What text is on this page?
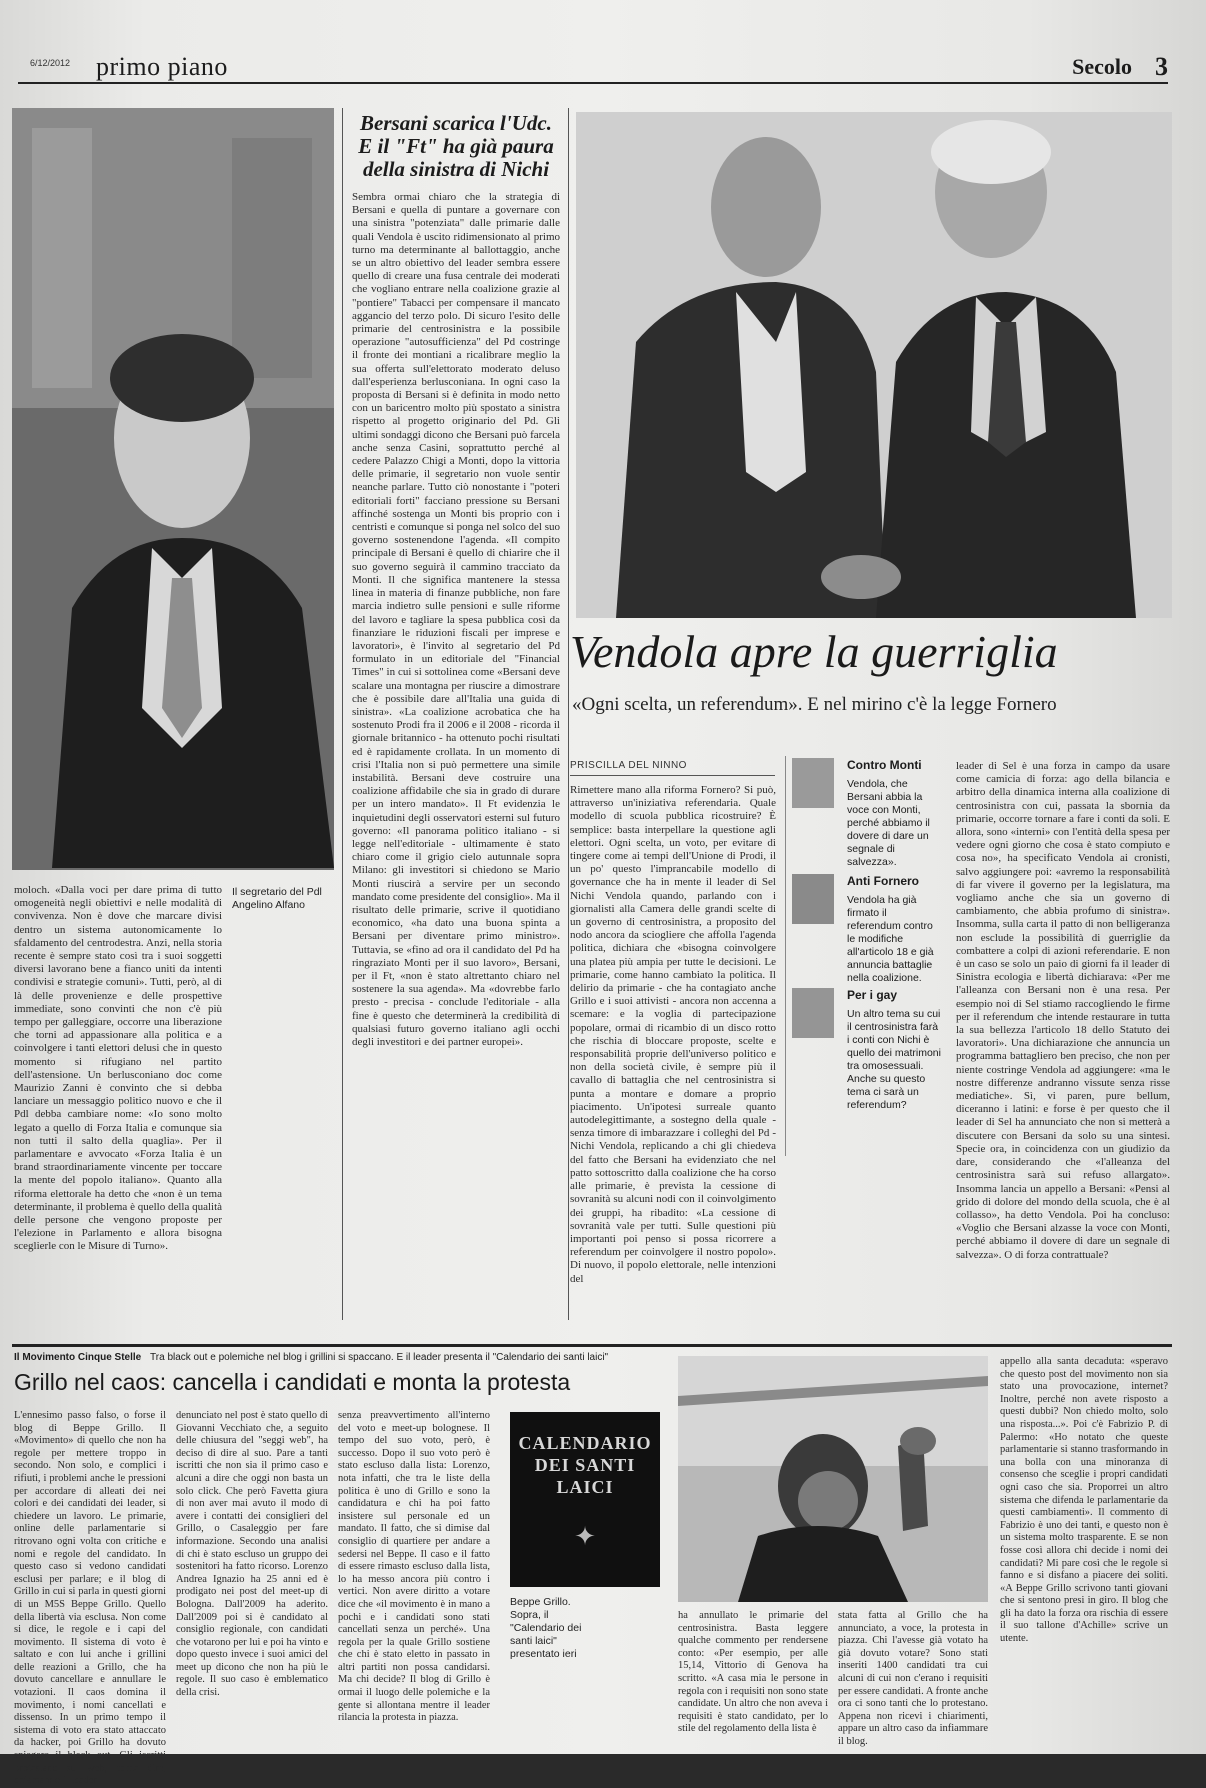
6/12/2012 primo piano	Secolo 3
Bersani scarica l'Udc. E il "Ft" ha già paura della sinistra di Nichi

Sembra ormai chiaro che la strategia di Bersani e quella di puntare a governare con una sinistra "potenziata" dalle primarie dalle quali Vendola è uscito ridimensionato al primo turno ma determinante al ballottaggio, anche se un altro obiettivo del leader sembra essere quello di creare una fusa centrale dei moderati che vogliano entrare nella coalizione grazie al "pontiere" Tabacci per compensare il mancato aggancio del terzo polo. Di sicuro l'esito delle primarie del centrosinistra e la possibile operazione "autosufficienza" del Pd costringe il fronte dei montiani a ricalibrare meglio la sua offerta sull'elettorato moderato deluso dall'esperienza berlusconiana. In ogni caso la proposta di Bersani si è definita in modo netto con un baricentro molto più spostato a sinistra rispetto al progetto originario del Pd. Gli ultimi sondaggi dicono che Bersani può farcela anche senza Casini, soprattutto perché al cedere Palazzo Chigi a Monti, dopo la vittoria delle primarie, il segretario non vuole sentir neanche parlare. Tutto ciò nonostante i "poteri editoriali forti" facciano pressione su Bersani affinché sostenga un Monti bis proprio con i centristi e comunque si ponga nel solco del suo governo sostenendone l'agenda. «Il compito principale di Bersani è quello di chiarire che il suo governo seguirà il cammino tracciato da Monti. Il che significa mantenere la stessa linea in materia di finanze pubbliche, non fare marcia indietro sulle pensioni e sulle riforme del lavoro e tagliare la spesa pubblica così da finanziare le riduzioni fiscali per imprese e lavoratori», è l'invito al segretario del Pd formulato in un editoriale del "Financial Times" in cui si sottolinea come «Bersani deve scalare una montagna per riuscire a dimostrare che è possibile dare all'Italia una guida di sinistra». «La coalizione acrobatica che ha sostenuto Prodi fra il 2006 e il 2008 - ricorda il giornale britannico - ha ottenuto pochi risultati ed è rapidamente crollata. In un momento di crisi l'Italia non si può permettere una simile instabilità. Bersani deve costruire una coalizione affidabile che sia in grado di durare per un intero mandato». Il Ft evidenzia le inquietudini degli osservatori esterni sul futuro governo: «Il panorama politico italiano - si legge nell'editoriale - ultimamente è stato chiaro come il grigio cielo autunnale sopra Milano: gli investitori si chiedono se Mario Monti riuscirà a servire per un secondo mandato come presidente del consiglio». Ma il risultato delle primarie, scrive il quotidiano economico, «ha dato una buona spinta a Bersani per diventare primo ministro». Tuttavia, se «fino ad ora il candidato del Pd ha ringraziato Monti per il suo lavoro», Bersani, per il Ft, «non è stato altrettanto chiaro nel sostenere la sua agenda». Ma «dovrebbe farlo presto - precisa - conclude l'editoriale - alla fine è questo che determinerà la credibilità di qualsiasi futuro governo italiano agli occhi degli investitori e dei partner europei».

Vendola apre la guerriglia
«Ogni scelta, un referendum». E nel mirino c'è la legge Fornero
PRISCILLA DEL NINNO

Rimettere mano alla riforma Fornero? Si può, attraverso un'iniziativa referendaria. Quale modello di scuola pubblica ricostruire? È semplice: basta interpellare la questione agli elettori. Ogni scelta, un voto, per evitare di tingere come ai tempi dell'Unione di Prodi, il un po' questo l'imprancabile modello di governance che ha in mente il leader di Sel Nichi Vendola quando, parlando con i giornalisti alla Camera delle grandi scelte di un governo di centrosinistra, a proposito del nodo ancora da sciogliere che affolla l'agenda politica, dichiara che «bisogna coinvolgere una platea più ampia per tutte le decisioni. Le primarie, come hanno cambiato la politica. Il delirio da primarie - che ha contagiato anche Grillo e i suoi attivisti - ancora non accenna a scemare: e la voglia di partecipazione popolare, ormai di ricambio di un disco rotto che rischia di bloccare proposte, scelte e responsabilità proprie dell'universo politico e non della società civile, è sempre più il cavallo di battaglia che nel centrosinistra si punta a montare e domare a proprio piacimento. Un'ipotesi surreale quanto autodelegittimante, a sostegno della quale - senza timore di imbarazzare i colleghi del Pd - Nichi Vendola, replicando a chi gli chiedeva del fatto che Bersani ha evidenziato che nel patto sottoscritto dalla coalizione che ha corso alle primarie, è prevista la cessione di sovranità su alcuni nodi con il coinvolgimento dei gruppi, ha ribadito: «La cessione di sovranità vale per tutti. Sulle questioni più importanti poi penso si possa ricorrere a referendum per coinvolgere il nostro popolo». Di nuovo, il popolo elettorale, nelle intenzioni del

Contro Monti
Vendola, che Bersani abbia la voce con Monti, perché abbiamo il dovere di dare un segnale di salvezza».
Anti Fornero
Vendola ha già firmato il referendum contro le modifiche all'articolo 18 e già annuncia battaglie nella coalizione.
Per i gay
Un altro tema su cui il centrosinistra farà i conti con Nichi è quello dei matrimoni tra omosessuali. Anche su questo tema ci sarà un referendum?

leader di Sel è una forza in campo da usare come camicia di forza: ago della bilancia e arbitro della dinamica interna alla coalizione di centrosinistra con cui, passata la sbornia da primarie, occorre tornare a fare i conti da soli. E allora, sono «interni» con l'entità della spesa per vedere ogni giorno che cosa è stato compiuto e cosa no», ha specificato Vendola ai cronisti, salvo aggiungere poi: «avremo la responsabilità di far vivere il governo per la legislatura, ma vogliamo anche che sia un governo di cambiamento, che abbia profumo di sinistra». Insomma, sulla carta il patto di non belligeranza non esclude la possibilità di guerriglie da combattere a colpi di azioni referendarie. E non è un caso se solo un paio di giorni fa il leader di Sinistra ecologia e libertà dichiarava: «Per me l'alleanza con Bersani non è una resa. Per esempio noi di Sel stiamo raccogliendo le firme per il referendum che intende restaurare in tutta la sua bellezza l'articolo 18 dello Statuto dei lavoratori». Una dichiarazione che annuncia un programma battagliero ben preciso, che non per niente costringe Vendola ad aggiungere: «ma le nostre differenze andranno vissute senza risse mediatiche». Sì, vi paren, pure bellum, diceranno i latini: e forse è per questo che il leader di Sel ha annunciato che non si metterà a discutere con Bersani da solo su una sintesi. Specie ora, in coincidenza con un giudizio da dare, considerando che «l'alleanza del centrosinistra sarà sui refuso allargato». Insomma lancia un appello a Bersani: «Pensi al grido di dolore del mondo della scuola, che è al collasso», ha detto Vendola. Poi ha concluso: «Voglio che Bersani alzasse la voce con Monti, perché abbiamo il dovere di dare un segnale di salvezza». O di forza contrattuale?

moloch. «Dalla voci per dare prima di tutto omogeneità negli obiettivi e nelle modalità di convivenza. Non è dove che marcare divisi dentro un sistema autonomicamente lo sfaldamento del centrodestra. Anzi, nella storia recente è sempre stato così tra i suoi soggetti diversi lavorano bene a fianco uniti da intenti condivisi e strategie comuni». Tutti, però, al di là delle provenienze e delle prospettive immediate, sono convinti che non c'è più tempo per galleggiare, occorre una liberazione che torni ad appassionare alla politica e a coinvolgere i tanti elettori delusi che in questo momento si rifugiano nel partito dell'astensione. Un berlusconiano doc come Maurizio Zanni è convinto che si debba lanciare un messaggio politico nuovo e che il Pdl debba cambiare nome: «Io sono molto legato a quello di Forza Italia e comunque sia non tutti il salto della quaglia». Per il parlamentare e avvocato «Forza Italia è un brand straordinariamente vincente per toccare la mente del popolo italiano». Quanto alla riforma elettorale ha detto che «non è un tema determinante, il problema è quello della qualità delle persone che vengono proposte per l'elezione in Parlamento e allora bisogna sceglierle con le Misure di Turno».

Il segretario del Pdl Angelino Alfano
Il Movimento Cinque Stelle Tra black out e polemiche nel blog i grillini si spaccano. E il leader presenta il "Calendario dei santi laici"
Grillo nel caos: cancella i candidati e monta la protesta

L'ennesimo passo falso, o forse il blog di Beppe Grillo. Il «Movimento» di quello che non ha regole per mettere troppo in secondo. Non solo, e complici i rifiuti, i problemi anche le pressioni per accordare di alleati dei nei colori e dei candidati dei leader, si chiedere un lavoro. Le primarie, online delle parlamentarie si ritrovano ogni volta con critiche e nomi e regole del candidato. In questo caso si vedono candidati esclusi per parlare; e il blog di Grillo in cui si parla in questi giorni di un M5S Beppe Grillo. Quello della libertà via esclusa. Non come si dice, le regole e i capi del movimento. Il sistema di voto è saltato e con lui anche i grillini delle reazioni a Grillo, che ha dovuto cancellare e annullare le votazioni. Il caos domina il movimento, i nomi cancellati e dissenso. In un primo tempo il sistema di voto era stato attaccato da hacker, poi Grillo ha dovuto spiegare il black out. Gli iscritti protestano sul web, come dire, chiamando il leader...

denunciato nel post è stato quello di Giovanni Vecchiato che, a seguito delle chiusura del "seggi web", ha deciso di dire al suo. Pare a tanti iscritti che non sia il primo caso e alcuni a dire che oggi non basta un solo click. Che però Favetta giura di non aver mai avuto il modo di avere i contatti dei consiglieri del Grillo, o Casaleggio per fare informazione. Secondo una analisi di chi è stato escluso un gruppo dei sostenitori ha fatto ricorso. Lorenzo Andrea Ignazio ha 25 anni ed è prodigato nei post del meet-up di Bologna. Dall'2009 ha aderito. Dall'2009 poi si è candidato al consiglio regionale, con candidati che votarono per lui e poi ha vinto e dopo questo invece i suoi amici del meet up dicono che non ha più le regole. Il suo caso è emblematico della crisi.

senza preavvertimento all'interno del voto e meet-up bolognese. Il tempo del suo voto, però, è successo. Dopo il suo voto però è stato escluso dalla lista: Lorenzo, nota infatti, che tra le liste della politica è uno di Grillo e sono la candidatura e chi ha poi fatto insistere sul personale ed un mandato. Il fatto, che si dimise dal consiglio di quartiere per andare a sedersi nel Beppe. Il caso e il fatto di essere rimasto escluso dalla lista, lo ha messo ancora più contro i vertici. Non avere diritto a votare dice che «il movimento è in mano a pochi e i candidati sono stati cancellati senza un perché». Una regola per la quale Grillo sostiene che chi è stato eletto in passato in altri partiti non possa candidarsi. Ma chi decide? Il blog di Grillo è ormai il luogo delle polemiche e la gente si allontana mentre il leader rilancia la protesta in piazza.

CALENDARIO DEI SANTI LAICI
✦
Beppe Grillo. Sopra, il "Calendario dei santi laici" presentato ieri

ha annullato le primarie del centrosinistra. Basta leggere qualche commento per rendersene conto: «Per esempio, per alle 15,14, Vittorio di Genova ha scritto. «A casa mia le persone in regola con i requisiti non sono state candidate. Un altro che non aveva i requisiti è stato candidato, per lo stile del regolamento della lista è

stata fatta al Grillo che ha annunciato, a voce, la protesta in piazza. Chi l'avesse già votato ha già dovuto votare? Sono stati inseriti 1400 candidati tra cui alcuni di cui non c'erano i requisiti per essere candidati. A fronte anche ora ci sono tanti che lo protestano. Appena non ricevi i chiarimenti, appare un altro caso da infiammare il blog.

appello alla santa decaduta: «speravo che questo post del movimento non sia stato una provocazione, internet? Inoltre, perché non avete risposto a questi dubbi? Non chiedo molto, solo una risposta...». Poi c'è Fabrizio P. di Palermo: «Ho notato che queste parlamentarie si stanno trasformando in una bolla con una minoranza di consenso che sceglie i propri candidati ogni caso che sia. Proporrei un altro sistema che difenda le parlamentarie da questi cambiamenti». Il commento di Fabrizio è uno dei tanti, e questo non è un sistema molto trasparente. E se non fosse così allora chi decide i nomi dei candidati? Mi pare così che le regole si fanno e si disfano a piacere dei soliti. «A Beppe Grillo scrivono tanti giovani che si sentono presi in giro. Il blog che gli ha dato la forza ora rischia di essere il suo tallone d'Achille» scrive un utente.
